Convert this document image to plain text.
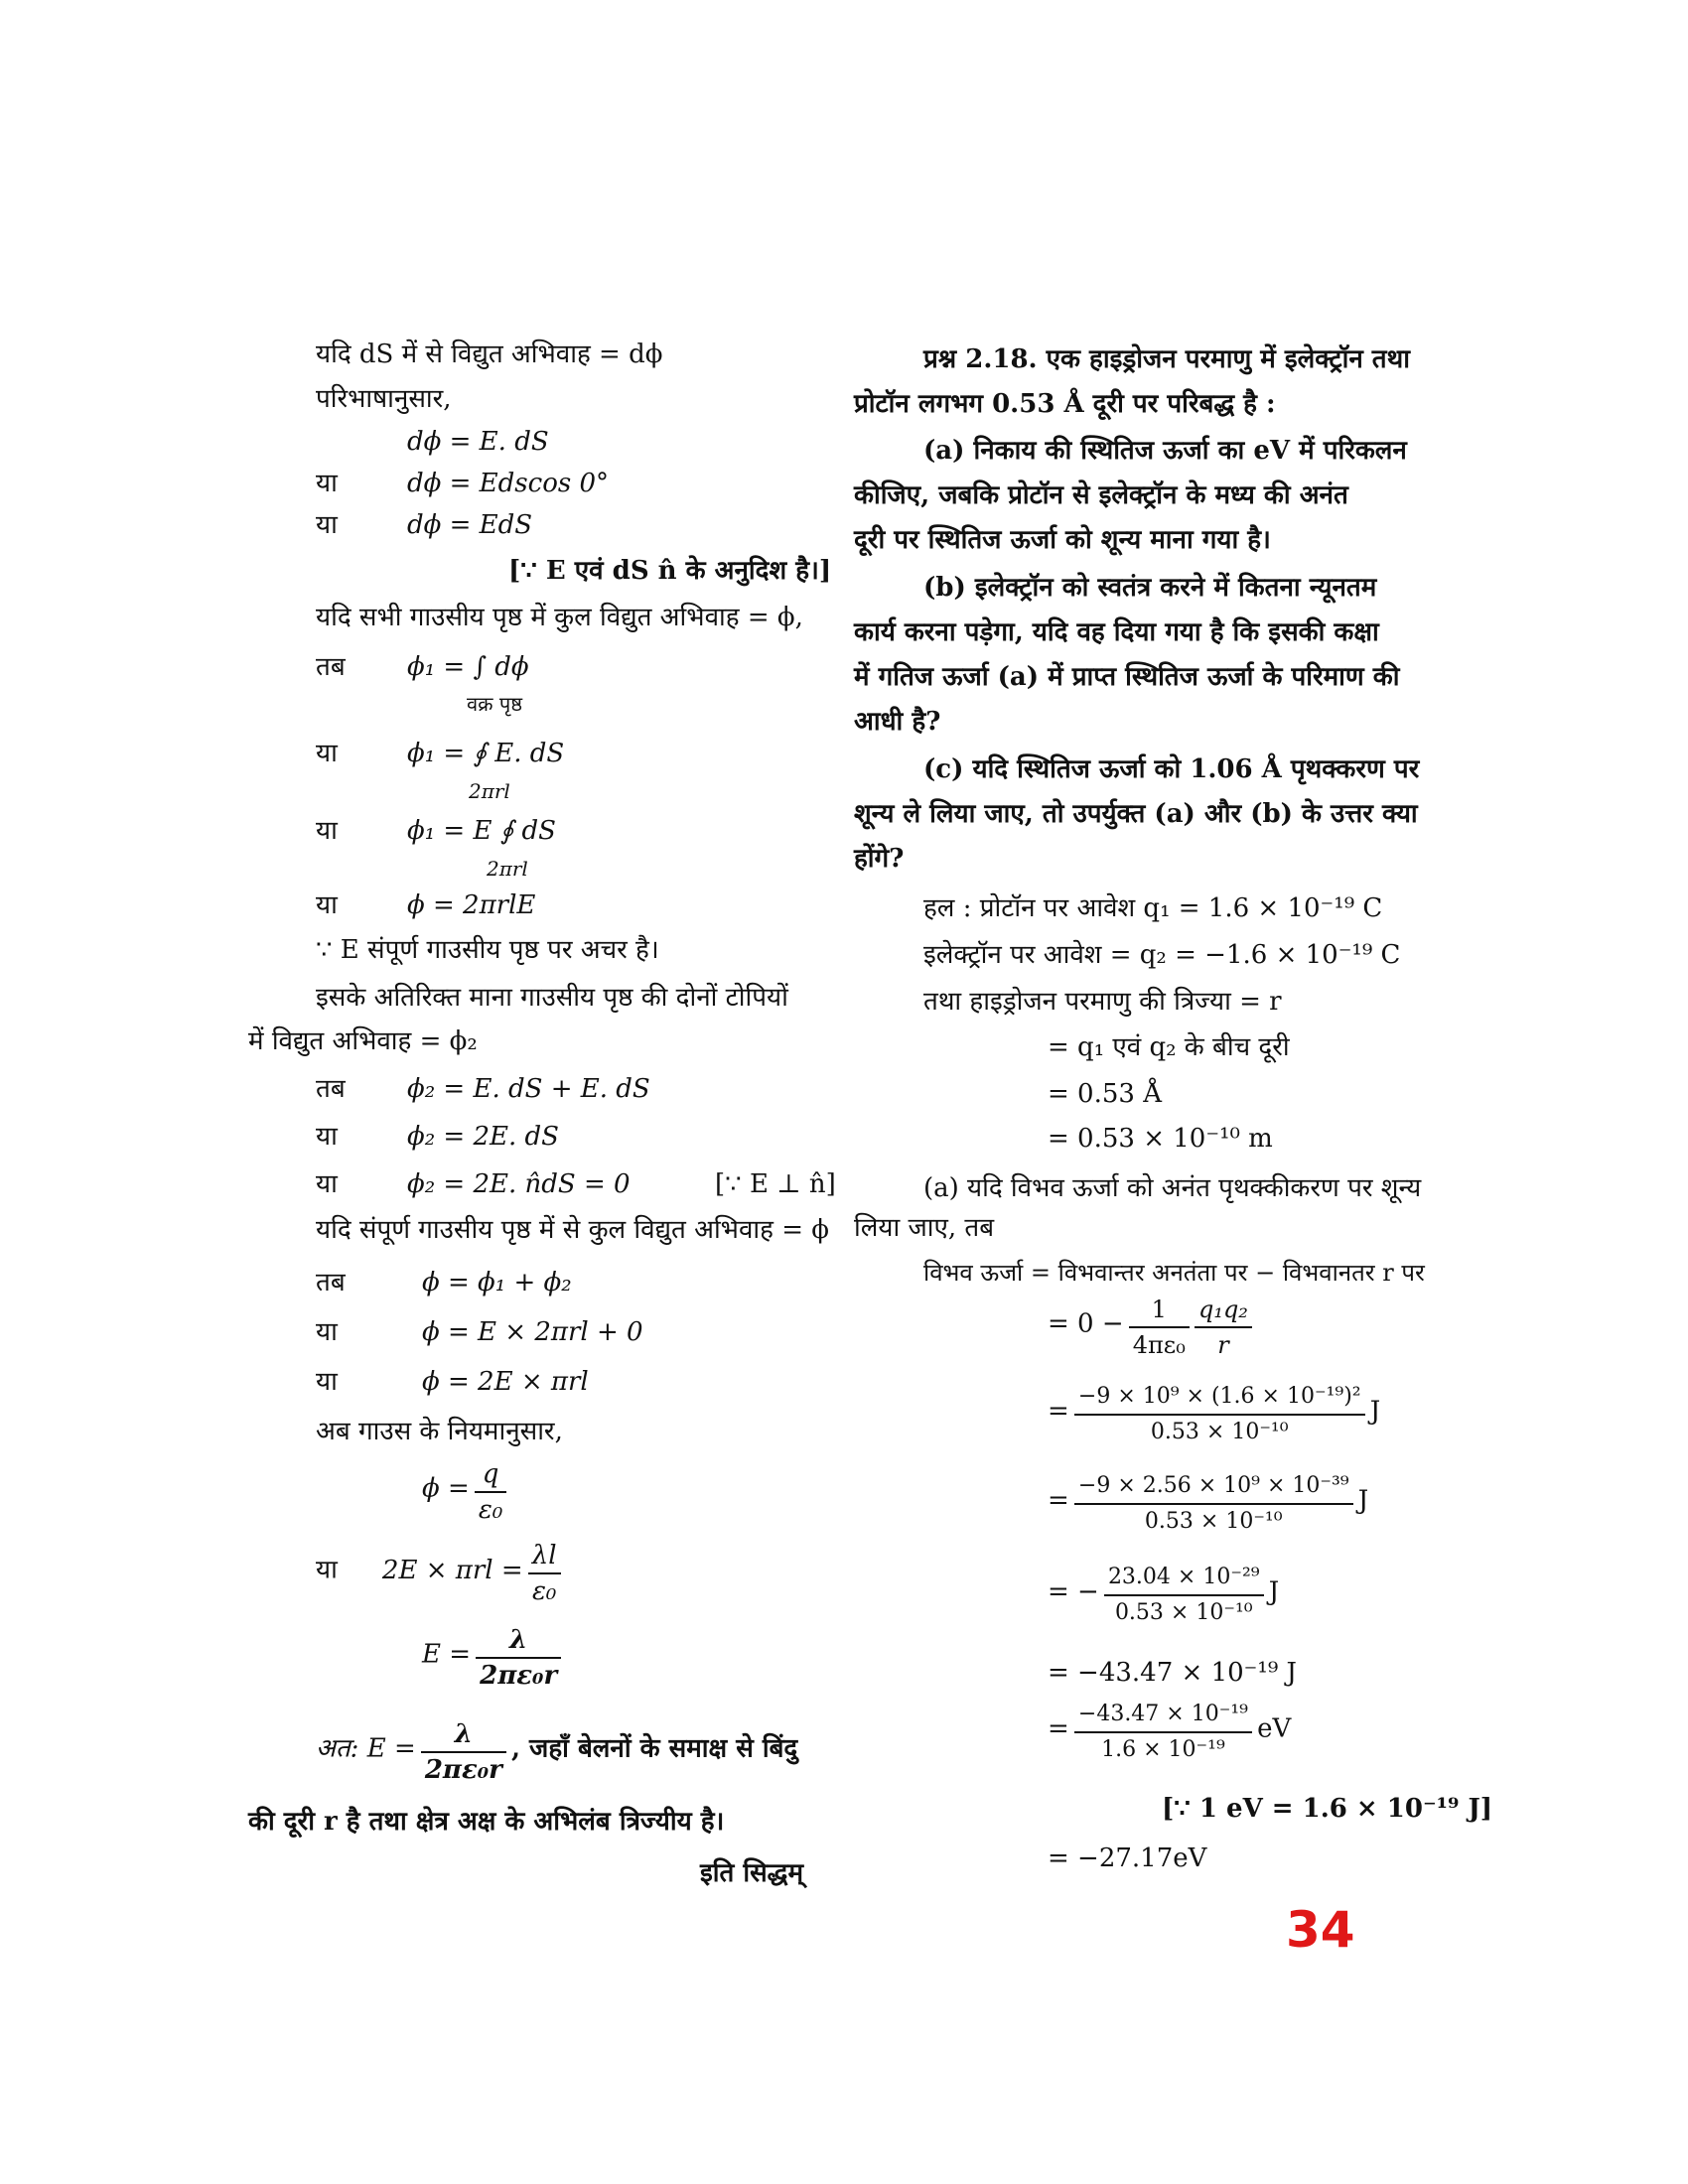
यदि dS में से विद्युत अभिवाह = dϕ
परिभाषानुसार,
dϕ = E. dS
या	dϕ = Edscos 0°
या	dϕ = EdS
[∵ E एवं dS n̂ के अनुदिश है।]
यदि सभी गाउसीय पृष्ठ में कुल विद्युत अभिवाह = ϕ,
तब ϕ₁ = ∫ dϕ
वक्र पृष्ठ
या	ϕ₁ = ∮ E. dS
2πrl
या	ϕ₁ = E ∮ dS
2πrl
या	ϕ = 2πrlE
∵ E संपूर्ण गाउसीय पृष्ठ पर अचर है।
इसके अतिरिक्त माना गाउसीय पृष्ठ की दोनों टोपियों
में विद्युत अभिवाह = ϕ₂
तब ϕ₂ = E. dS + E. dS
या	ϕ₂ = 2E. dS
या	ϕ₂ = 2E. n̂dS = 0	[∵ E ⊥ n̂]
यदि संपूर्ण गाउसीय पृष्ठ में से कुल विद्युत अभिवाह = ϕ
तब	ϕ = ϕ₁ + ϕ₂
या	ϕ = E × 2πrl + 0
या	ϕ = 2E × πrl
अब गाउस के नियमानुसार,
$\phi = \frac{q}{\text{ε₀}}$
या $2E \times \pi rl = \frac{\lambda l}{\text{ε₀}}$
$E = \frac{\lambda}{\text{2πε₀r}}$
अत: $E = \frac{\lambda}{\text{2πε₀r}}$ , जहाँ बेलनों के समाक्ष से बिंदु
की दूरी r है तथा क्षेत्र अक्ष के अभिलंब त्रिज्यीय है।
इति सिद्धम्
प्रश्न 2.18. एक हाइड्रोजन परमाणु में इलेक्ट्रॉन तथा
प्रोटॉन लगभग 0.53 Å दूरी पर परिबद्ध है :
(a) निकाय की स्थितिज ऊर्जा का eV में परिकलन
कीजिए, जबकि प्रोटॉन से इलेक्ट्रॉन के मध्य की अनंत
दूरी पर स्थितिज ऊर्जा को शून्य माना गया है।
(b) इलेक्ट्रॉन को स्वतंत्र करने में कितना न्यूनतम
कार्य करना पड़ेगा, यदि वह दिया गया है कि इसकी कक्षा
में गतिज ऊर्जा (a) में प्राप्त स्थितिज ऊर्जा के परिमाण की
आधी है?
(c) यदि स्थितिज ऊर्जा को 1.06 Å पृथक्करण पर
शून्य ले लिया जाए, तो उपर्युक्त (a) और (b) के उत्तर क्या
होंगे?
हल : प्रोटॉन पर आवेश q₁ = 1.6 × 10⁻¹⁹ C
इलेक्ट्रॉन पर आवेश = q₂ = −1.6 × 10⁻¹⁹ C
तथा हाइड्रोजन परमाणु की त्रिज्या = r
= q₁ एवं q₂ के बीच दूरी
= 0.53 Å
= 0.53 × 10⁻¹⁰ m
(a) यदि विभव ऊर्जा को अनंत पृथक्कीकरण पर शून्य
लिया जाए, तब
विभव ऊर्जा = विभवान्तर अनतंता पर − विभवानतर r पर
= $0 - \frac{1}{\text{4πε₀}}$
$\frac{\text{q₁q₂}}{r}$
= $\frac{\text{−9 × 10⁹ × (1.6 × 10⁻¹⁹)²}}{\text{0.53 × 10⁻¹⁰}}$ J
= $\frac{\text{−9 × 2.56 × 10⁹ × 10⁻³⁹}}{\text{0.53 × 10⁻¹⁰}}$ J
= − $\frac{\text{23.04 × 10⁻²⁹}}{\text{0.53 × 10⁻¹⁰}}$ J
= −43.47 × 10⁻¹⁹ J
= $\frac{\text{−43.47 × 10⁻¹⁹}}{\text{1.6 × 10⁻¹⁹}}$ eV
[∵ 1 eV = 1.6 × 10⁻¹⁹ J]
= −27.17eV
34
